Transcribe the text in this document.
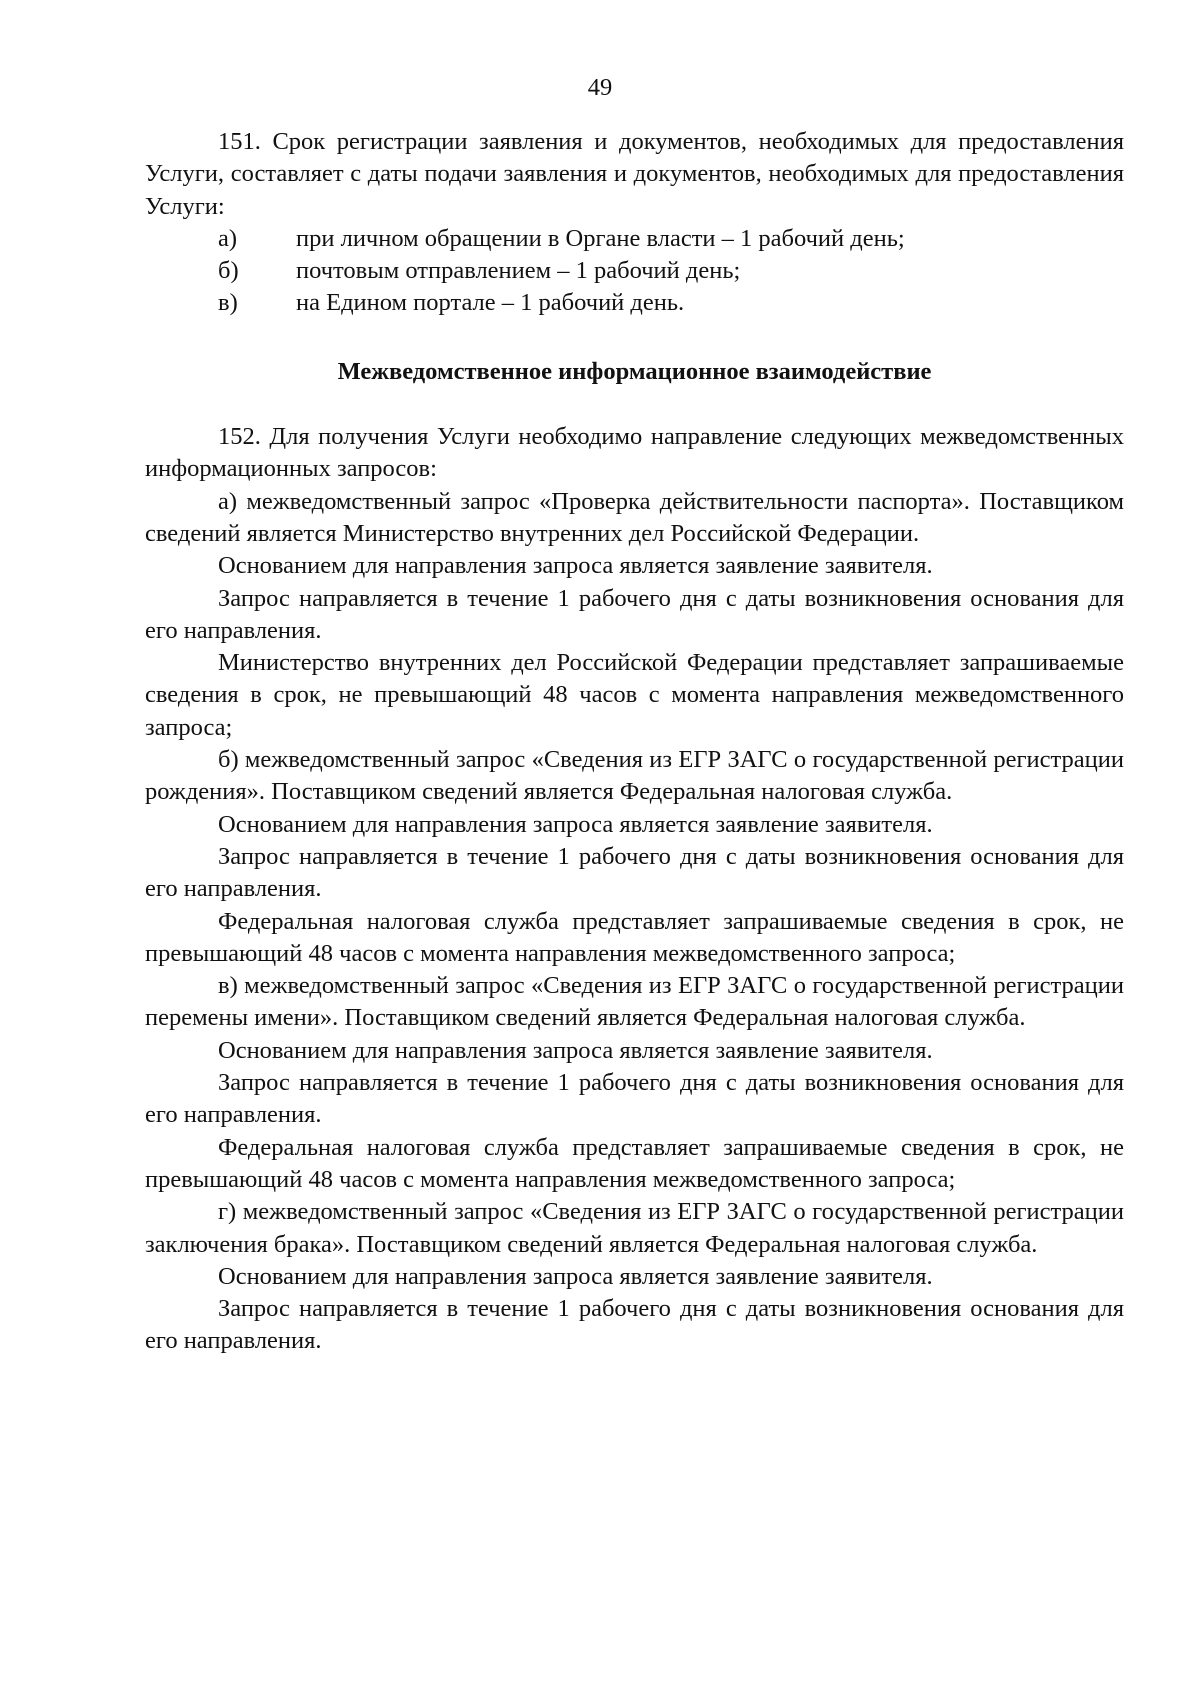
49

151. Срок регистрации заявления и документов, необходимых для предоставления Услуги, составляет с даты подачи заявления и документов, необходимых для предоставления Услуги:

а)	при личном обращении в Органе власти – 1 рабочий день;
б)	почтовым отправлением – 1 рабочий день;
в)	на Едином портале – 1 рабочий день.

Межведомственное информационное взаимодействие

152. Для получения Услуги необходимо направление следующих межведомственных информационных запросов:

а) межведомственный запрос «Проверка действительности паспорта». Поставщиком сведений является Министерство внутренних дел Российской Федерации.

Основанием для направления запроса является заявление заявителя.

Запрос направляется в течение 1 рабочего дня с даты возникновения основания для его направления.

Министерство внутренних дел Российской Федерации представляет запрашиваемые сведения в срок, не превышающий 48 часов с момента направления межведомственного запроса;

б) межведомственный запрос «Сведения из ЕГР ЗАГС о государственной регистрации рождения». Поставщиком сведений является Федеральная налоговая служба.

Основанием для направления запроса является заявление заявителя.

Запрос направляется в течение 1 рабочего дня с даты возникновения основания для его направления.

Федеральная налоговая служба представляет запрашиваемые сведения в срок, не превышающий 48 часов с момента направления межведомственного запроса;

в) межведомственный запрос «Сведения из ЕГР ЗАГС о государственной регистрации перемены имени». Поставщиком сведений является Федеральная налоговая служба.

Основанием для направления запроса является заявление заявителя.

Запрос направляется в течение 1 рабочего дня с даты возникновения основания для его направления.

Федеральная налоговая служба представляет запрашиваемые сведения в срок, не превышающий 48 часов с момента направления межведомственного запроса;

г) межведомственный запрос «Сведения из ЕГР ЗАГС о государственной регистрации заключения брака». Поставщиком сведений является Федеральная налоговая служба.

Основанием для направления запроса является заявление заявителя.

Запрос направляется в течение 1 рабочего дня с даты возникновения основания для его направления.
